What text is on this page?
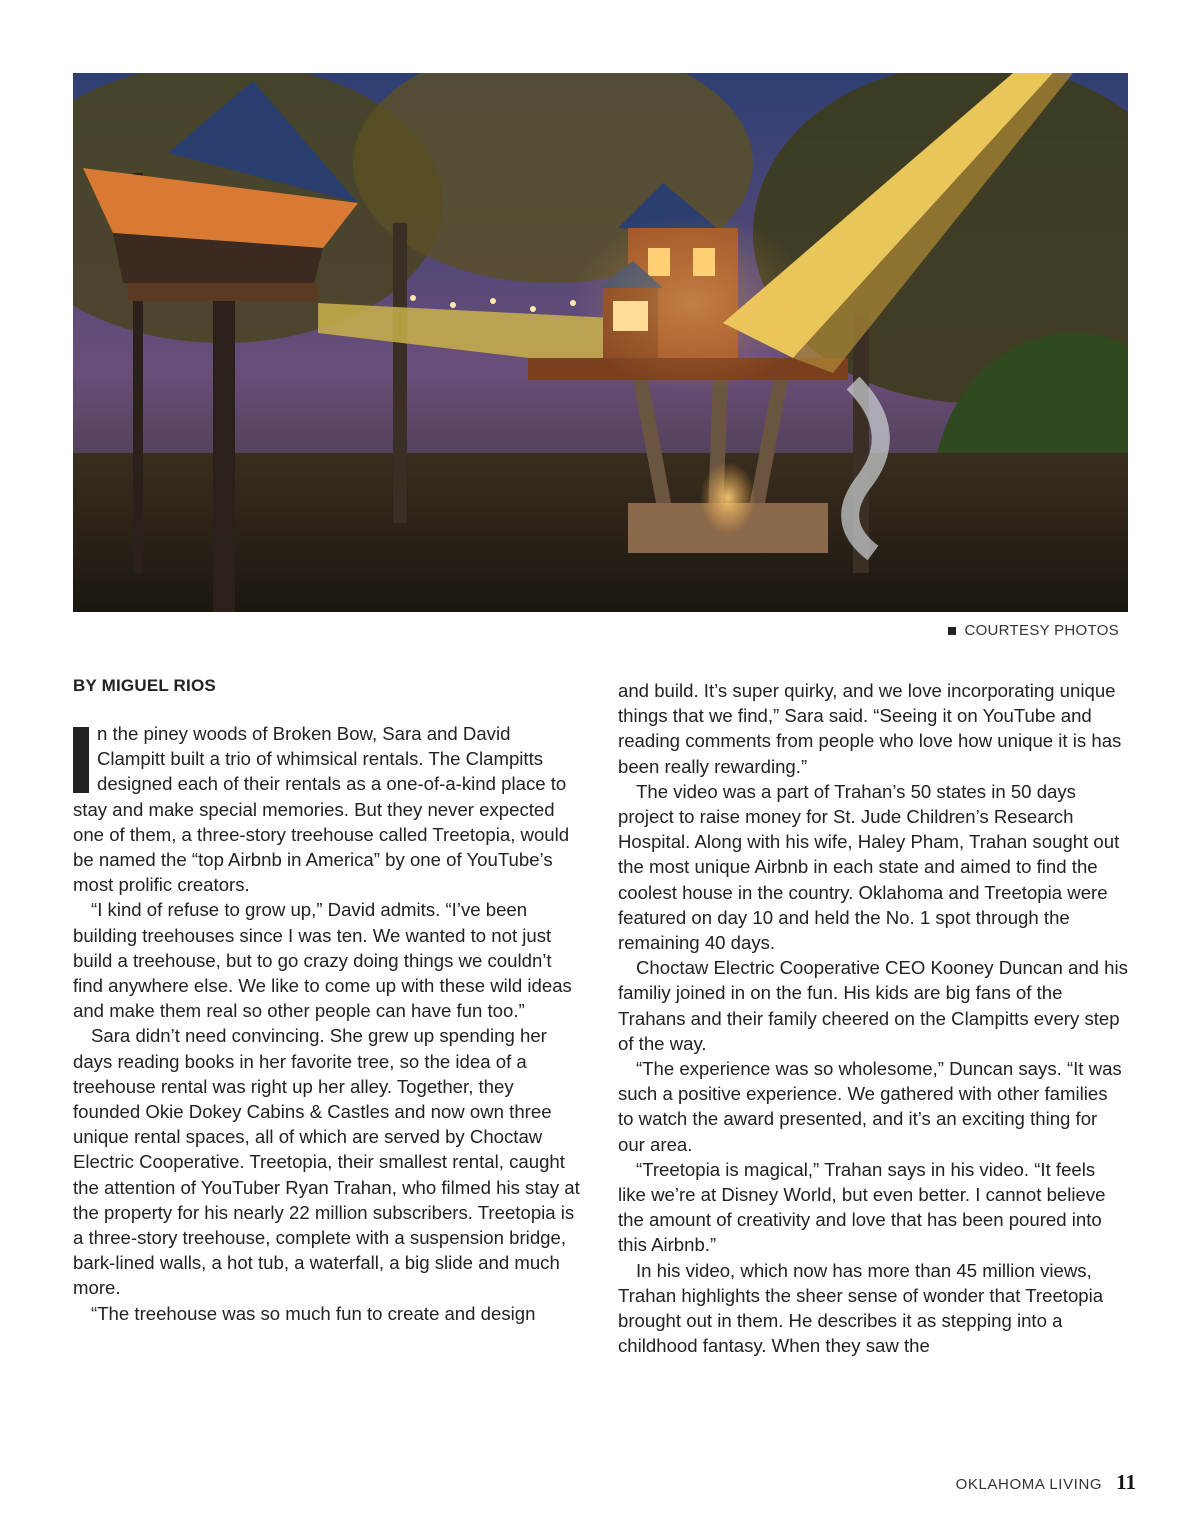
COURTESY PHOTOS
BY MIGUEL RIOS

n the piney woods of Broken Bow, Sara and David Clampitt built a trio of whimsical rentals. The Clampitts designed each of their rentals as a one-of-a-kind place to stay and make special memories. But they never expected one of them, a three-story treehouse called Treetopia, would be named the “top Airbnb in America” by one of YouTube’s most prolific creators.

“I kind of refuse to grow up,” David admits. “I’ve been building treehouses since I was ten. We wanted to not just build a treehouse, but to go crazy doing things we couldn’t find anywhere else. We like to come up with these wild ideas and make them real so other people can have fun too.”

Sara didn’t need convincing. She grew up spending her days reading books in her favorite tree, so the idea of a treehouse rental was right up her alley. Together, they founded Okie Dokey Cabins & Castles and now own three unique rental spaces, all of which are served by Choctaw Electric Cooperative. Treetopia, their smallest rental, caught the attention of YouTuber Ryan Trahan, who filmed his stay at the property for his nearly 22 million subscribers. Treetopia is a three-story treehouse, complete with a suspension bridge, bark-lined walls, a hot tub, a waterfall, a big slide and much more.

“The treehouse was so much fun to create and design

and build. It’s super quirky, and we love incorporating unique things that we find,” Sara said. “Seeing it on YouTube and reading comments from people who love how unique it is has been really rewarding.”

The video was a part of Trahan’s 50 states in 50 days project to raise money for St. Jude Children’s Research Hospital. Along with his wife, Haley Pham, Trahan sought out the most unique Airbnb in each state and aimed to find the coolest house in the country. Oklahoma and Treetopia were featured on day 10 and held the No. 1 spot through the remaining 40 days.

Choctaw Electric Cooperative CEO Kooney Duncan and his familiy joined in on the fun. His kids are big fans of the Trahans and their family cheered on the Clampitts every step of the way.

“The experience was so wholesome,” Duncan says. “It was such a positive experience. We gathered with other families to watch the award presented, and it’s an exciting thing for our area.

“Treetopia is magical,” Trahan says in his video. “It feels like we’re at Disney World, but even better. I cannot believe the amount of creativity and love that has been poured into this Airbnb.”

In his video, which now has more than 45 million views, Trahan highlights the sheer sense of wonder that Treetopia brought out in them. He describes it as stepping into a childhood fantasy. When they saw the

OKLAHOMA LIVING 11
